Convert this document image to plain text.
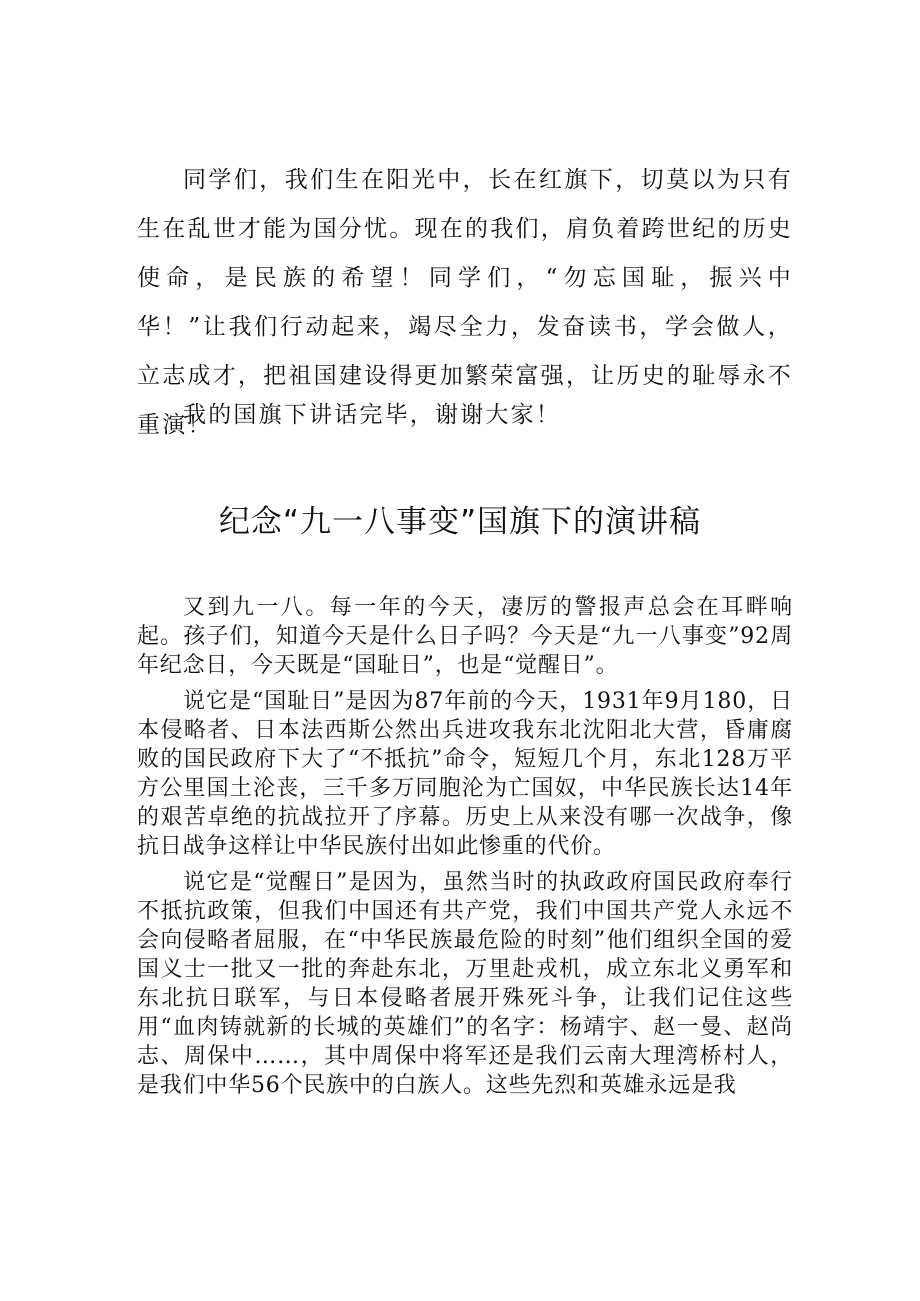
同学们，我们生在阳光中，长在红旗下，切莫以为只有生在乱世才能为国分忧。现在的我们，肩负着跨世纪的历史使命，是民族的希望！同学们，“勿忘国耻，振兴中华！”让我们行动起来，竭尽全力，发奋读书，学会做人，立志成才，把祖国建设得更加繁荣富强，让历史的耻辱永不重演！
我的国旗下讲话完毕，谢谢大家！
纪念“九一八事变”国旗下的演讲稿

又到九一八。每一年的今天，凄厉的警报声总会在耳畔响起。孩子们，知道今天是什么日子吗？今天是“九一八事变”92周年纪念日，今天既是“国耻日”，也是“觉醒日”。

说它是“国耻日”是因为87年前的今天，1931年9月180，日本侵略者、日本法西斯公然出兵进攻我东北沈阳北大营，昏庸腐败的国民政府下大了“不抵抗”命令，短短几个月，东北128万平方公里国土沦丧，三千多万同胞沦为亡国奴，中华民族长达14年的艰苦卓绝的抗战拉开了序幕。历史上从来没有哪一次战争，像抗日战争这样让中华民族付出如此惨重的代价。

说它是“觉醒日”是因为，虽然当时的执政政府国民政府奉行不抵抗政策，但我们中国还有共产党，我们中国共产党人永远不会向侵略者屈服，在“中华民族最危险的时刻”他们组织全国的爱国义士一批又一批的奔赴东北，万里赴戎机，成立东北义勇军和东北抗日联军，与日本侵略者展开殊死斗争，让我们记住这些用“血肉铸就新的长城的英雄们”的名字：杨靖宇、赵一曼、赵尚志、周保中……，其中周保中将军还是我们云南大理湾桥村人，是我们中华56个民族中的白族人。这些先烈和英雄永远是我
